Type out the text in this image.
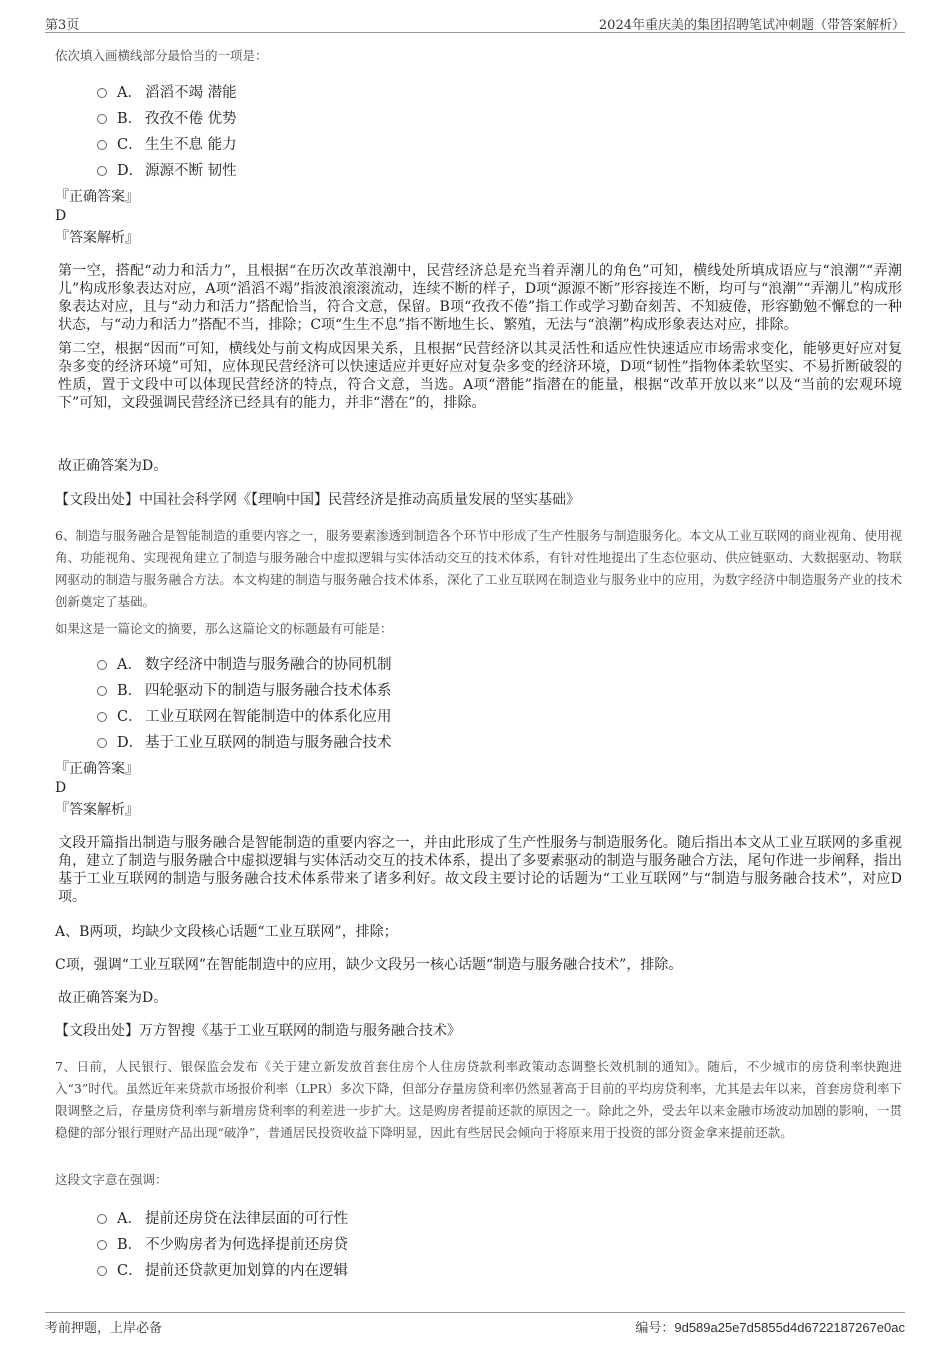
第3页	2024年重庆美的集团招聘笔试冲刺题（带答案解析）
依次填入画横线部分最恰当的一项是：
A． 滔滔不竭 潜能
B． 孜孜不倦 优势
C． 生生不息 能力
D． 源源不断 韧性

『正确答案』

D

『答案解析』

第一空，搭配“动力和活力”，且根据“在历次改革浪潮中，民营经济总是充当着弄潮儿的角色”可知，横线处所填成语应与“浪潮”“弄潮儿”构成形象表达对应，A项“滔滔不竭”指波浪滚滚流动，连续不断的样子，D项“源源不断”形容接连不断，均可与“浪潮”“弄潮儿”构成形象表达对应，且与“动力和活力”搭配恰当，符合文意，保留。B项“孜孜不倦”指工作或学习勤奋刻苦、不知疲倦，形容勤勉不懈怠的一种状态，与“动力和活力”搭配不当，排除；C项“生生不息”指不断地生长、繁殖，无法与“浪潮”构成形象表达对应，排除。

第二空，根据“因而”可知，横线处与前文构成因果关系，且根据“民营经济以其灵活性和适应性快速适应市场需求变化，能够更好应对复杂多变的经济环境”可知，应体现民营经济可以快速适应并更好应对复杂多变的经济环境，D项“韧性”指物体柔软坚实、不易折断破裂的性质，置于文段中可以体现民营经济的特点，符合文意，当选。A项“潜能”指潜在的能量，根据“改革开放以来”以及“当前的宏观环境下”可知，文段强调民营经济已经具有的能力，并非“潜在”的，排除。

故正确答案为D。

【文段出处】中国社会科学网《【理响中国】民营经济是推动高质量发展的坚实基础》

6、制造与服务融合是智能制造的重要内容之一，服务要素渗透到制造各个环节中形成了生产性服务与制造服务化。本文从工业互联网的商业视角、使用视角、功能视角、实现视角建立了制造与服务融合中虚拟逻辑与实体活动交互的技术体系，有针对性地提出了生态位驱动、供应链驱动、大数据驱动、物联网驱动的制造与服务融合方法。本文构建的制造与服务融合技术体系，深化了工业互联网在制造业与服务业中的应用，为数字经济中制造服务产业的技术创新奠定了基础。
如果这是一篇论文的摘要，那么这篇论文的标题最有可能是：
A． 数字经济中制造与服务融合的协同机制
B． 四轮驱动下的制造与服务融合技术体系
C． 工业互联网在智能制造中的体系化应用
D． 基于工业互联网的制造与服务融合技术

『正确答案』

D

『答案解析』

文段开篇指出制造与服务融合是智能制造的重要内容之一，并由此形成了生产性服务与制造服务化。随后指出本文从工业互联网的多重视角，建立了制造与服务融合中虚拟逻辑与实体活动交互的技术体系，提出了多要素驱动的制造与服务融合方法，尾句作进一步阐释，指出基于工业互联网的制造与服务融合技术体系带来了诸多利好。故文段主要讨论的话题为“工业互联网”与“制造与服务融合技术”，对应D项。

A、B两项，均缺少文段核心话题“工业互联网”，排除；

C项，强调“工业互联网”在智能制造中的应用，缺少文段另一核心话题“制造与服务融合技术”，排除。

故正确答案为D。

【文段出处】万方智搜《基于工业互联网的制造与服务融合技术》

7、日前，人民银行、银保监会发布《关于建立新发放首套住房个人住房贷款利率政策动态调整长效机制的通知》。随后，不少城市的房贷利率快跑进入“3”时代。虽然近年来贷款市场报价利率（LPR）多次下降，但部分存量房贷利率仍然显著高于目前的平均房贷利率，尤其是去年以来，首套房贷利率下限调整之后，存量房贷利率与新增房贷利率的利差进一步扩大。这是购房者提前还款的原因之一。除此之外，受去年以来金融市场波动加剧的影响，一贯稳健的部分银行理财产品出现“破净”，普通居民投资收益下降明显，因此有些居民会倾向于将原来用于投资的部分资金拿来提前还款。
这段文字意在强调：
A． 提前还房贷在法律层面的可行性
B． 不少购房者为何选择提前还房贷
C． 提前还贷款更加划算的内在逻辑
考前押题，上岸必备	编号：9d589a25e7d5855d4d6722187267e0ac
